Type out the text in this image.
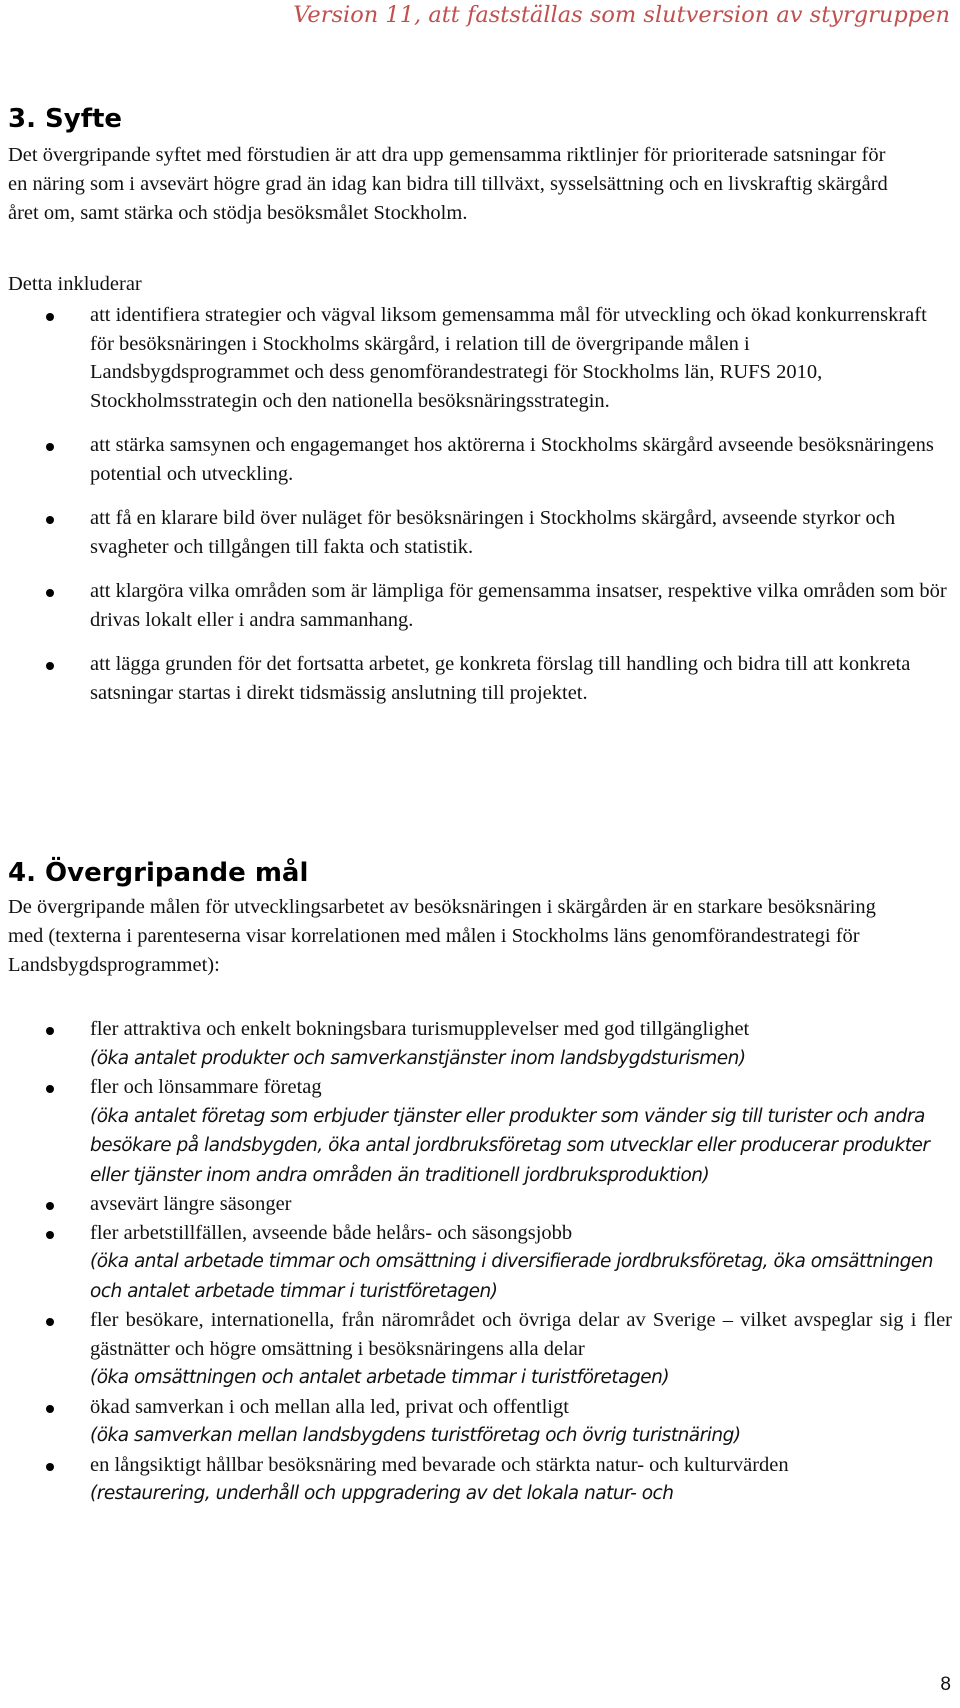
Version 11, att fastställas som slutversion av styrgruppen
3. Syfte

Det övergripande syftet med förstudien är att dra upp gemensamma riktlinjer för prioriterade satsningar för en näring som i avsevärt högre grad än idag kan bidra till tillväxt, sysselsättning och en livskraftig skärgård året om, samt stärka och stödja besöksmålet Stockholm.

Detta inkluderar

att identifiera strategier och vägval liksom gemensamma mål för utveckling och ökad konkurrenskraft för besöksnäringen i Stockholms skärgård, i relation till de övergripande målen i Landsbygdsprogrammet och dess genomförandestrategi för Stockholms län, RUFS 2010, Stockholmsstrategin och den nationella besöksnäringsstrategin.
att stärka samsynen och engagemanget hos aktörerna i Stockholms skärgård avseende besöksnäringens potential och utveckling.
att få en klarare bild över nuläget för besöksnäringen i Stockholms skärgård, avseende styrkor och svagheter och tillgången till fakta och statistik.
att klargöra vilka områden som är lämpliga för gemensamma insatser, respektive vilka områden som bör drivas lokalt eller i andra sammanhang.
att lägga grunden för det fortsatta arbetet, ge konkreta förslag till handling och bidra till att konkreta satsningar startas i direkt tidsmässig anslutning till projektet.
4. Övergripande mål

De övergripande målen för utvecklingsarbetet av besöksnäringen i skärgården är en starkare besöksnäring med (texterna i parenteserna visar korrelationen med målen i Stockholms läns genomförandestrategi för Landsbygdsprogrammet):

fler attraktiva och enkelt bokningsbara turismupplevelser med god tillgänglighet
(öka antalet produkter och samverkanstjänster inom landsbygdsturismen)
fler och lönsammare företag
(öka antalet företag som erbjuder tjänster eller produkter som vänder sig till turister och andra besökare på landsbygden, öka antal jordbruksföretag som utvecklar eller producerar produkter eller tjänster inom andra områden än traditionell jordbruksproduktion)
avsevärt längre säsonger
fler arbetstillfällen, avseende både helårs- och säsongsjobb
(öka antal arbetade timmar och omsättning i diversifierade jordbruksföretag, öka omsättningen och antalet arbetade timmar i turistföretagen)
fler besökare, internationella, från närområdet och övriga delar av Sverige – vilket avspeglar sig i fler gästnätter och högre omsättning i besöksnäringens alla delar
(öka omsättningen och antalet arbetade timmar i turistföretagen)
ökad samverkan i och mellan alla led, privat och offentligt
(öka samverkan mellan landsbygdens turistföretag och övrig turistnäring)
en långsiktigt hållbar besöksnäring med bevarade och stärkta natur- och kulturvärden
(restaurering, underhåll och uppgradering av det lokala natur- och
8
